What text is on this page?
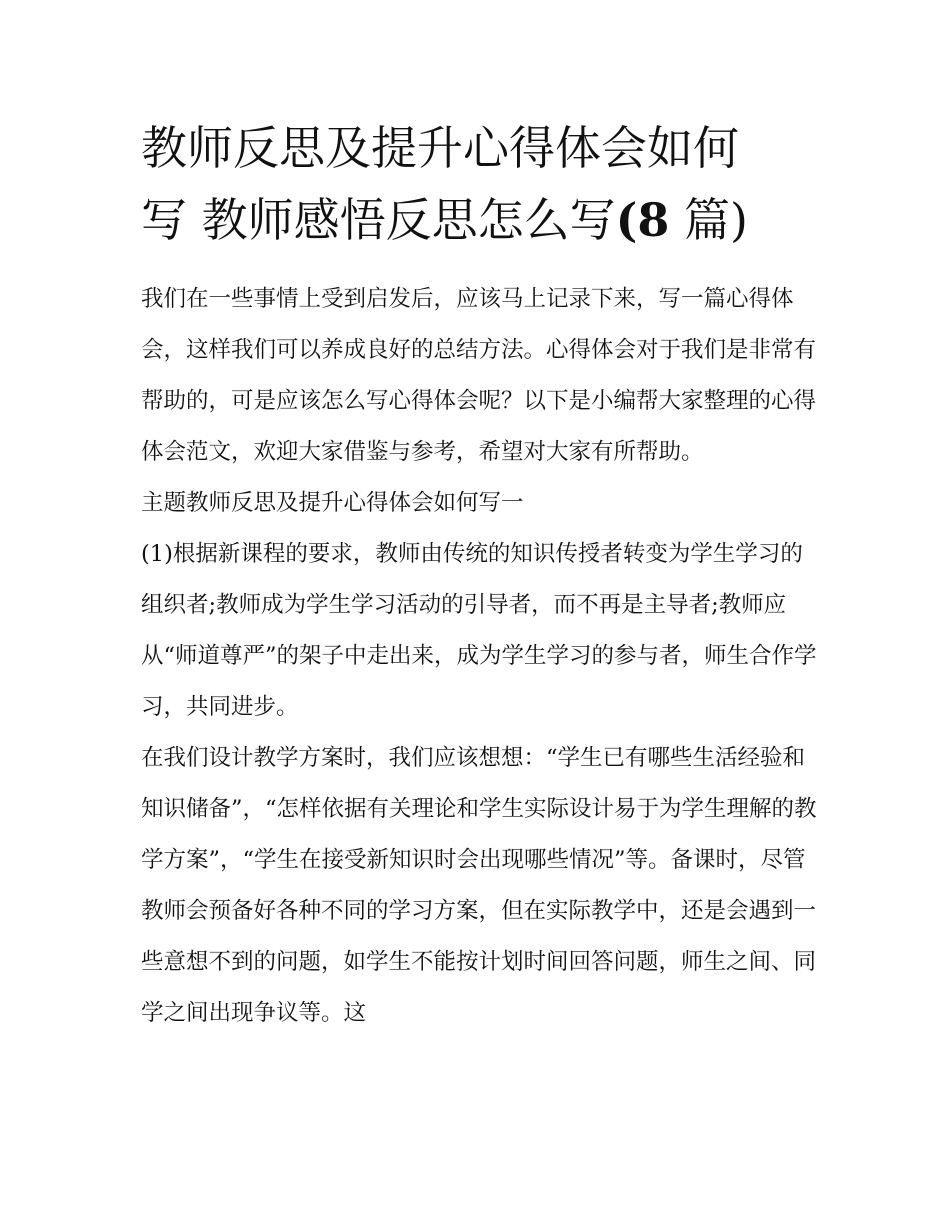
教师反思及提升心得体会如何
写 教师感悟反思怎么写(8 篇)

我们在一些事情上受到启发后，应该马上记录下来，写一篇心得体会，这样我们可以养成良好的总结方法。心得体会对于我们是非常有帮助的，可是应该怎么写心得体会呢？以下是小编帮大家整理的心得体会范文，欢迎大家借鉴与参考，希望对大家有所帮助。

主题教师反思及提升心得体会如何写一

(1)根据新课程的要求，教师由传统的知识传授者转变为学生学习的组织者;教师成为学生学习活动的引导者，而不再是主导者;教师应从“师道尊严”的架子中走出来，成为学生学习的参与者，师生合作学习，共同进步。

在我们设计教学方案时，我们应该想想：“学生已有哪些生活经验和知识储备”，“怎样依据有关理论和学生实际设计易于为学生理解的教学方案”，“学生在接受新知识时会出现哪些情况”等。备课时，尽管教师会预备好各种不同的学习方案，但在实际教学中，还是会遇到一些意想不到的问题，如学生不能按计划时间回答问题，师生之间、同学之间出现争议等。这
